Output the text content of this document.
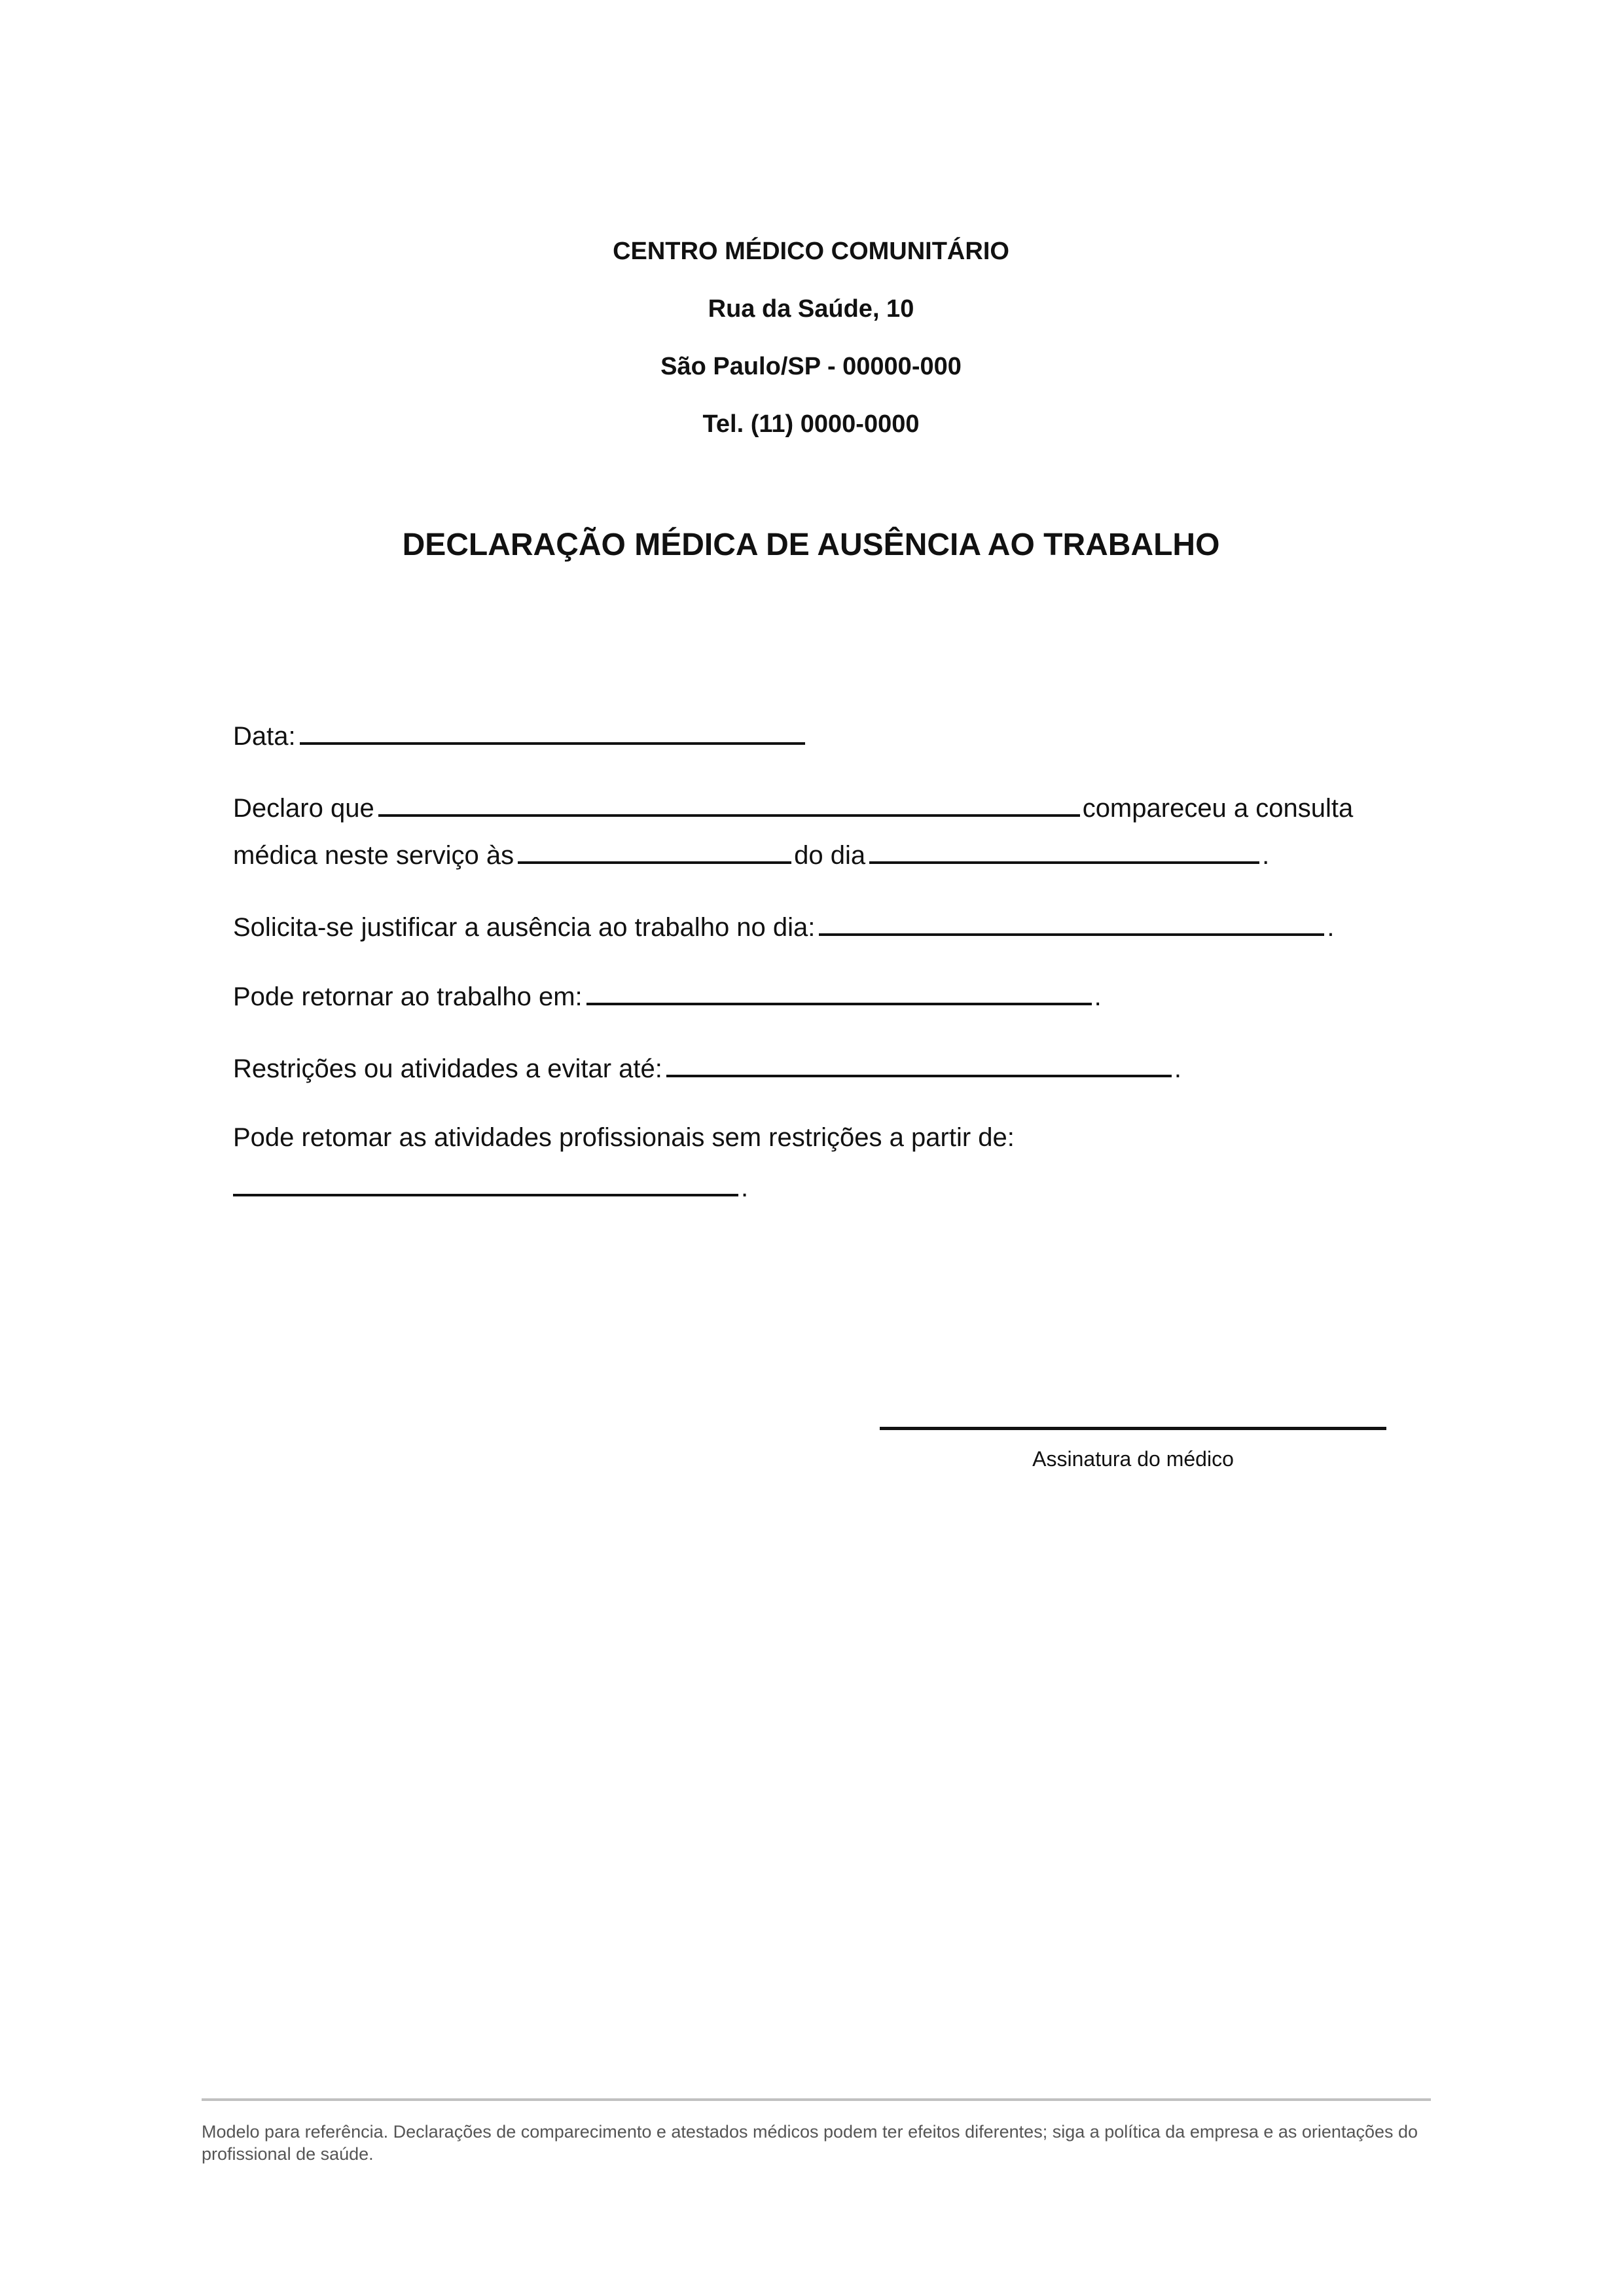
CENTRO MÉDICO COMUNITÁRIO
Rua da Saúde, 10
São Paulo/SP - 00000-000
Tel. (11) 0000-0000
DECLARAÇÃO MÉDICA DE AUSÊNCIA AO TRABALHO
Data:
Declaro que	compareceu a consulta
médica neste serviço às	do dia	.
Solicita-se justificar a ausência ao trabalho no dia:	.
Pode retornar ao trabalho em:	.
Restrições ou atividades a evitar até:	.
Pode retomar as atividades profissionais sem restrições a partir de:
.
Assinatura do médico
Modelo para referência. Declarações de comparecimento e atestados médicos podem ter efeitos diferentes; siga a política da empresa e as orientações do profissional de saúde.
